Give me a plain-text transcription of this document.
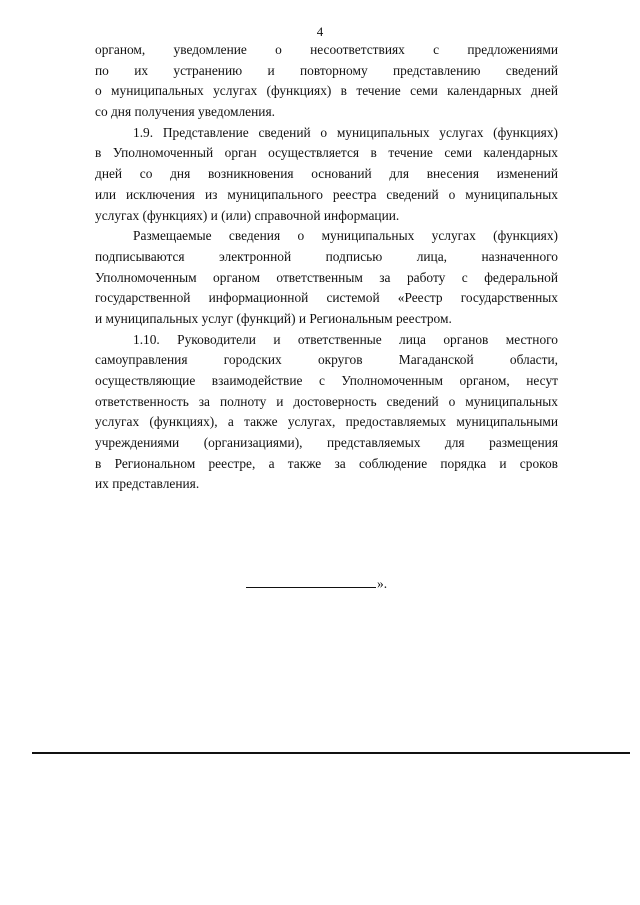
4
органом, уведомление о несоответствиях с предложениями
по их устранению и повторному представлению сведений
о муниципальных услугах (функциях) в течение семи календарных дней
со дня получения уведомления.
1.9. Представление сведений о муниципальных услугах (функциях)
в Уполномоченный орган осуществляется в течение семи календарных
дней со дня возникновения оснований для внесения изменений
или исключения из муниципального реестра сведений о муниципальных
услугах (функциях) и (или) справочной информации.
Размещаемые сведения о муниципальных услугах (функциях)
подписываются электронной подписью лица, назначенного
Уполномоченным органом ответственным за работу с федеральной
государственной информационной системой «Реестр государственных
и муниципальных услуг (функций) и Региональным реестром.
1.10. Руководители и ответственные лица органов местного
самоуправления городских округов Магаданской области,
осуществляющие взаимодействие с Уполномоченным органом, несут
ответственность за полноту и достоверность сведений о муниципальных
услугах (функциях), а также услугах, предоставляемых муниципальными
учреждениями (организациями), представляемых для размещения
в Региональном реестре, а также за соблюдение порядка и сроков
их представления.
».
